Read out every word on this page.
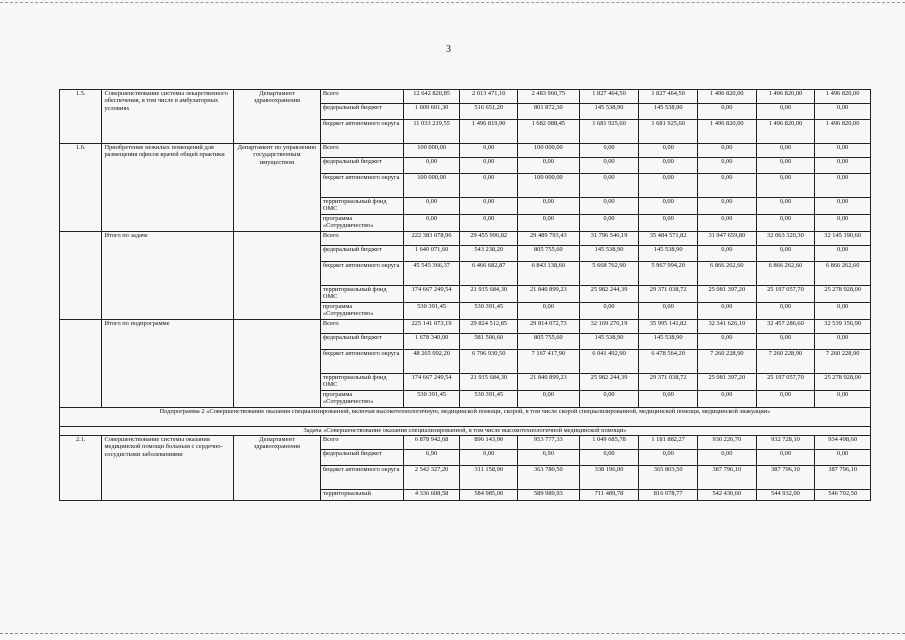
3
1.5.	Совершенствование системы лекарственного обеспечения, в том числе в амбулаторных условиях	Департамент здравоохранения	Всего	12 642 820,85	2 013 471,10	2 483 960,75	1 827 464,50	1 827 464,50	1 496 820,00	1 496 820,00	1 496 820,00
			федеральный бюджет	1 609 601,30	516 651,20	801 872,30	145 538,90	145 538,90	0,00	0,00	0,00
			бюджет автономного округа	11 033 219,55	1 496 819,90	1 682 088,45	1 681 925,60	1 681 925,60	1 496 820,00	1 496 820,00	1 496 820,00
1.6.	Приобретение нежилых помещений для размещения офисов врачей общей практики	Департамент по управлению государственным имуществом	Всего	100 000,00	0,00	100 000,00	0,00	0,00	0,00	0,00	0,00
			федеральный бюджет	0,00	0,00	0,00	0,00	0,00	0,00	0,00	0,00
			бюджет автономного округа	100 000,00	0,00	100 000,00	0,00	0,00	0,00	0,00	0,00
			территориальный фонд ОМС	0,00	0,00	0,00	0,00	0,00	0,00	0,00	0,00
			программа «Сотрудничество»	0,00	0,00	0,00	0,00	0,00	0,00	0,00	0,00
	Итого по задаче		Всего	222 383 078,96	29 455 996,82	29 489 793,43	31 796 546,19	35 484 571,82	31 947 659,80	32 063 320,30	32 145 190,60
			федеральный бюджет	1 640 071,60	543 238,20	805 755,60	145 538,90	145 538,90	0,00	0,00	0,00
			бюджет автономного округа	45 545 366,37	6 466 682,87	6 843 138,60	5 668 762,90	5 967 994,20	6 866 262,60	6 866 262,60	6 866 262,60
			территориальный фонд ОМС	174 667 249,54	21 915 684,30	21 840 899,23	25 982 244,39	29 371 038,72	25 081 397,20	25 197 057,70	25 278 928,00
			программа «Сотрудничество»	530 391,45	530 391,45	0,00	0,00	0,00	0,00	0,00	0,00
	Итого по подпрограмме		Всего	225 141 073,19	29 824 512,85	29 814 072,73	32 169 276,19	35 995 141,82	32 341 626,10	32 457 286,60	32 539 156,90
			федеральный бюджет	1 678 340,00	581 506,60	805 755,60	145 538,90	145 538,90	0,00	0,00	0,00
			бюджет автономного округа	48 265 092,20	6 796 930,50	7 167 417,90	6 041 492,90	6 478 564,20	7 260 228,90	7 260 228,90	7 260 228,90
			территориальный фонд ОМС	174 667 249,54	21 915 684,30	21 840 899,23	25 982 244,39	29 371 038,72	25 081 397,20	25 197 057,70	25 278 928,00
			программа «Сотрудничество»	530 391,45	530 391,45	0,00	0,00	0,00	0,00	0,00	0,00
Подпрограмма 2 «Совершенствование оказания специализированной, включая высокотехнологичную, медицинской помощи, скорой, в том числе скорой специализированной, медицинской помощи, медицинской эвакуации»											
Задача «Совершенствование оказания специализированной, в том числе высокотехнологичной медицинской помощи»											
2.1.	Совершенствование системы оказания медицинской помощи больным с сердечно-сосудистыми заболеваниями	Департамент здравоохранения	Всего	6 878 942,68	896 143,90	953 777,33	1 049 685,78	1 181 882,27	930 226,70	932 728,10	934 498,60
			федеральный бюджет	6,90	0,00	6,90	0,00	0,00	0,00	0,00	0,00
			бюджет автономного округа	2 542 327,20	311 158,90	363 780,50	338 196,00	365 803,50	387 796,10	387 796,10	387 796,10
			территориальный	4 336 608,58	584 985,00	589 989,93	711 489,78	816 078,77	542 430,60	544 932,00	546 702,50
